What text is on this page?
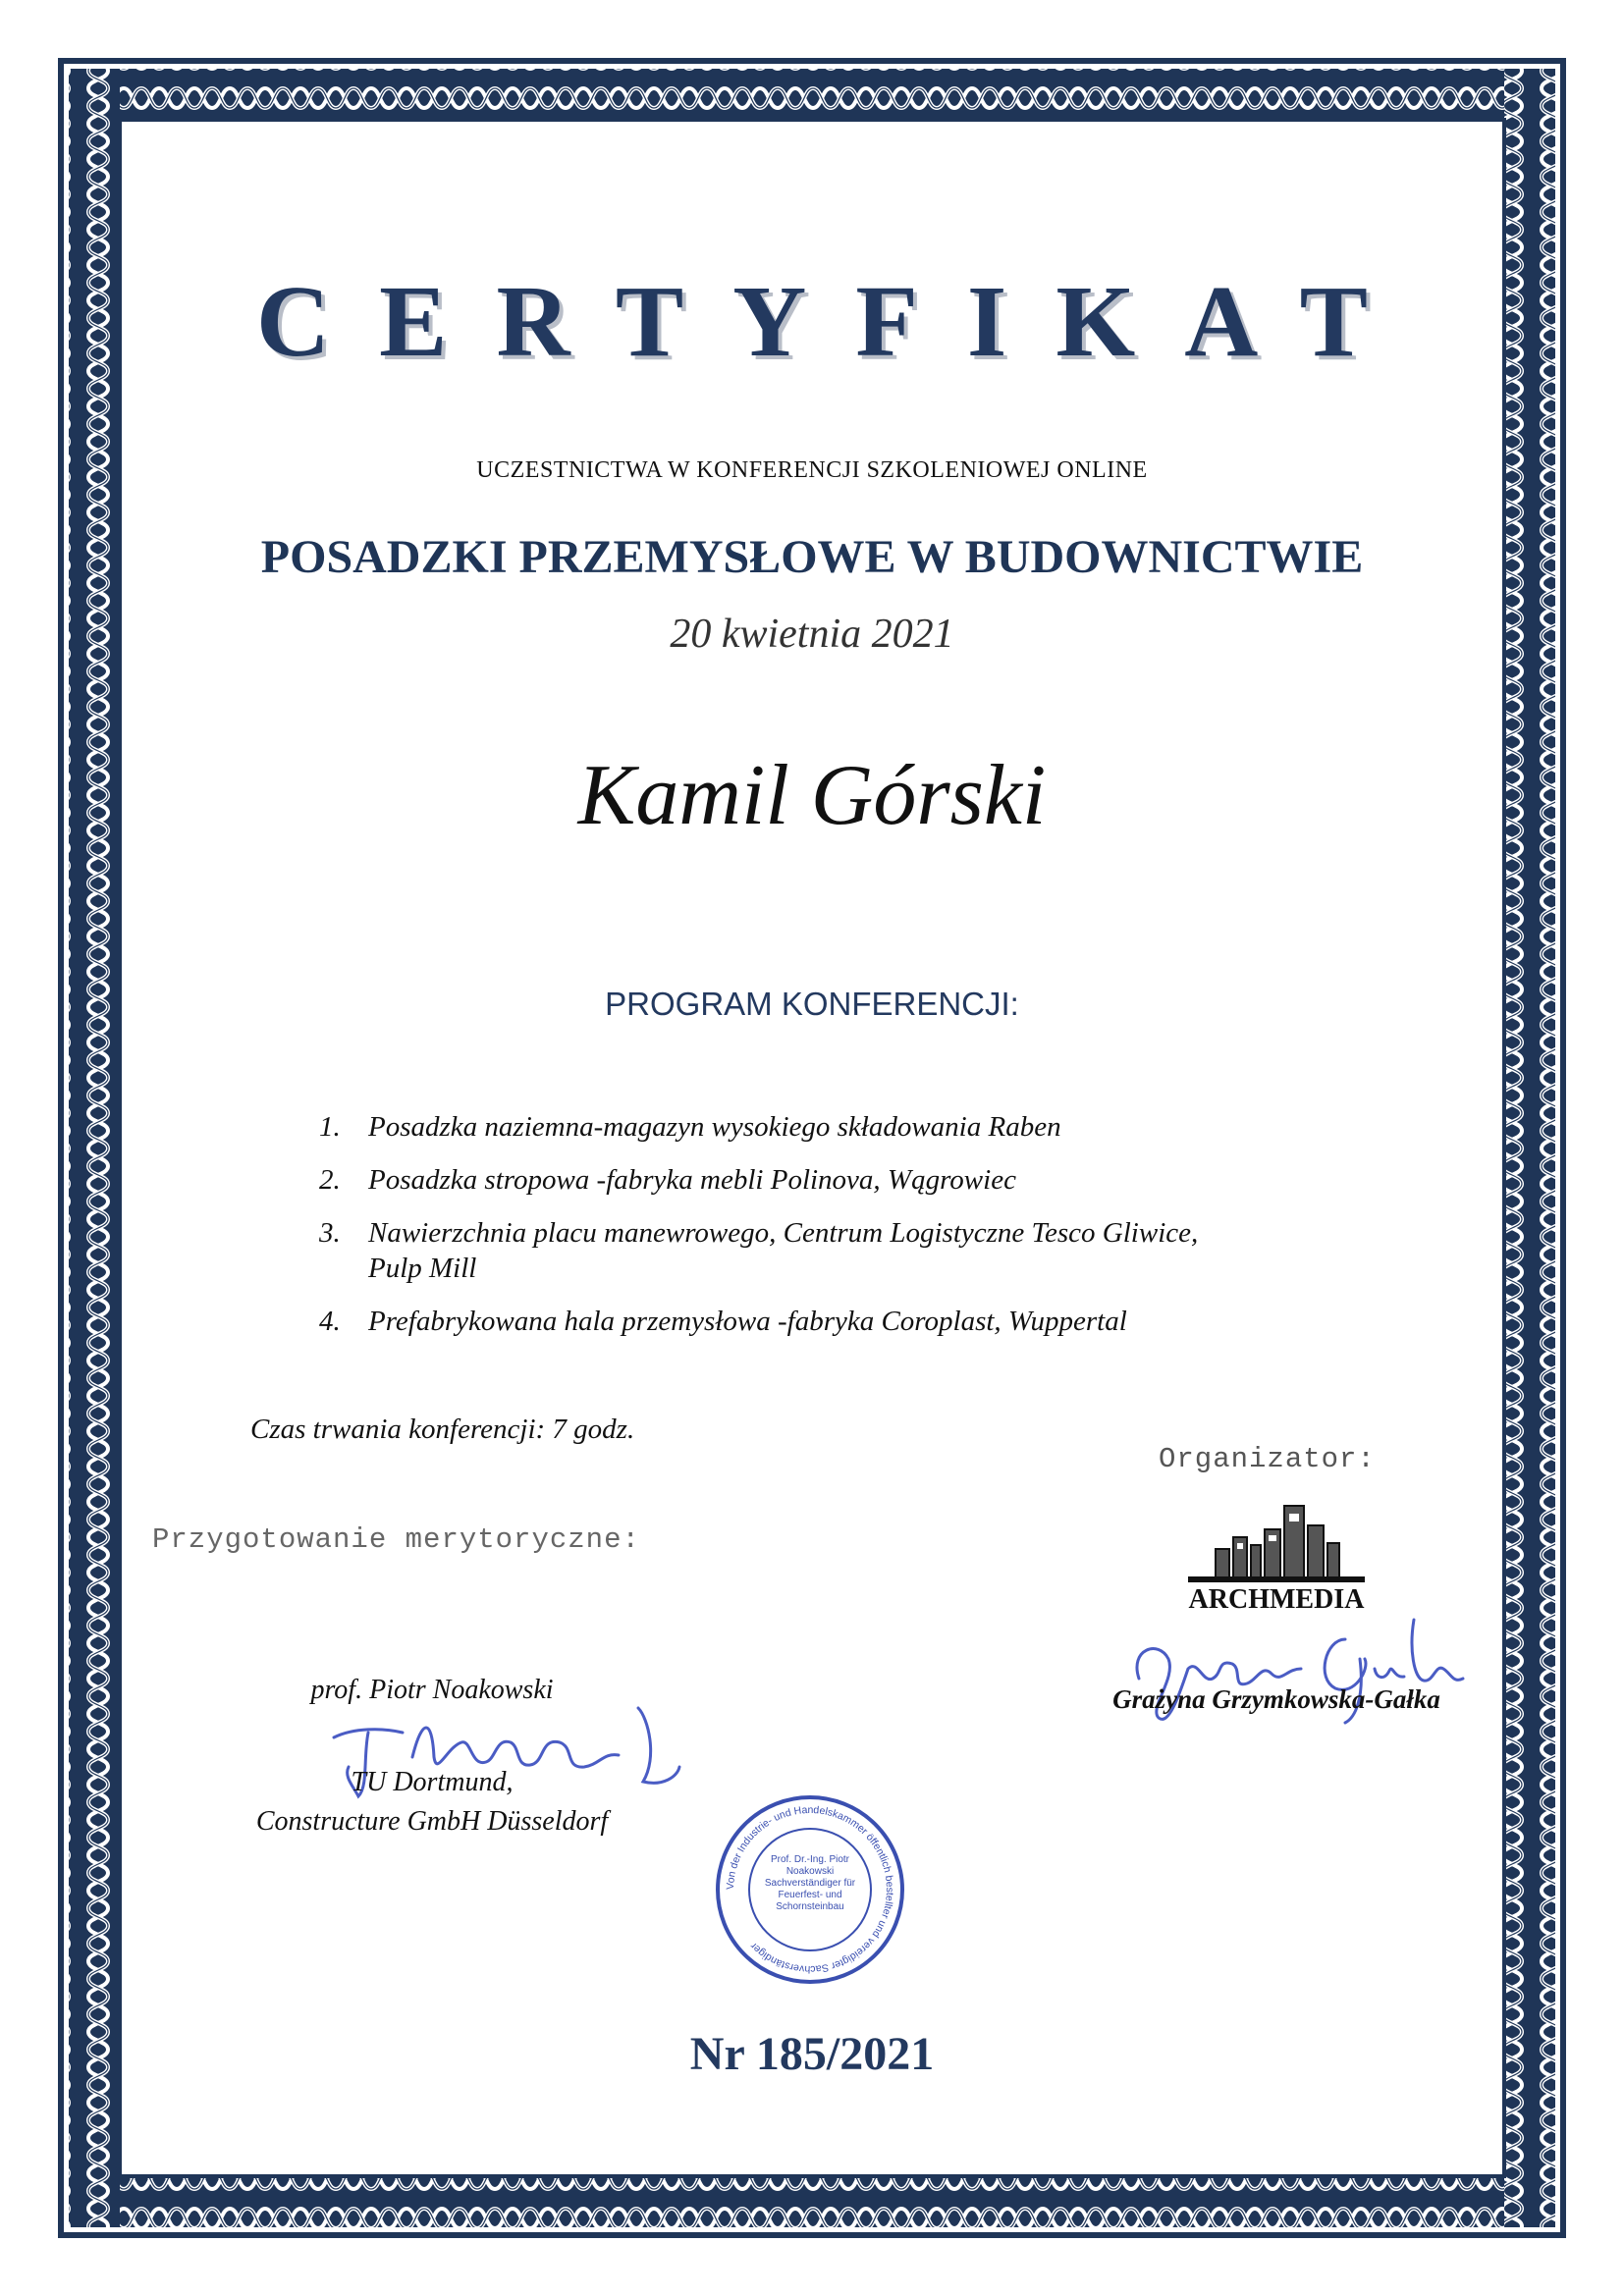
CERTYFIKAT
UCZESTNICTWA W KONFERENCJI SZKOLENIOWEJ ONLINE
POSADZKI PRZEMYSŁOWE W BUDOWNICTWIE
20 kwietnia 2021
Kamil Górski
PROGRAM KONFERENCJI:
1. Posadzka naziemna-magazyn wysokiego składowania Raben
2. Posadzka stropowa -fabryka mebli Polinova, Wągrowiec
3. Nawierzchnia placu manewrowego, Centrum Logistyczne Tesco Gliwice, Pulp Mill
4. Prefabrykowana hala przemysłowa -fabryka Coroplast, Wuppertal
Czas trwania konferencji: 7 godz.
Organizator:
Przygotowanie merytoryczne:
ARCHMEDIA
Grażyna Grzymkowska-Gałka
prof. Piotr Noakowski
TU Dortmund,
Constructure GmbH Düsseldorf
Von der Industrie- und Handelskammer öffentlich bestellter und vereidigter Sachverständiger
Prof. Dr.-Ing. Piotr Noakowski Sachverständiger für Feuerfest- und Schornsteinbau
Nr 185/2021
